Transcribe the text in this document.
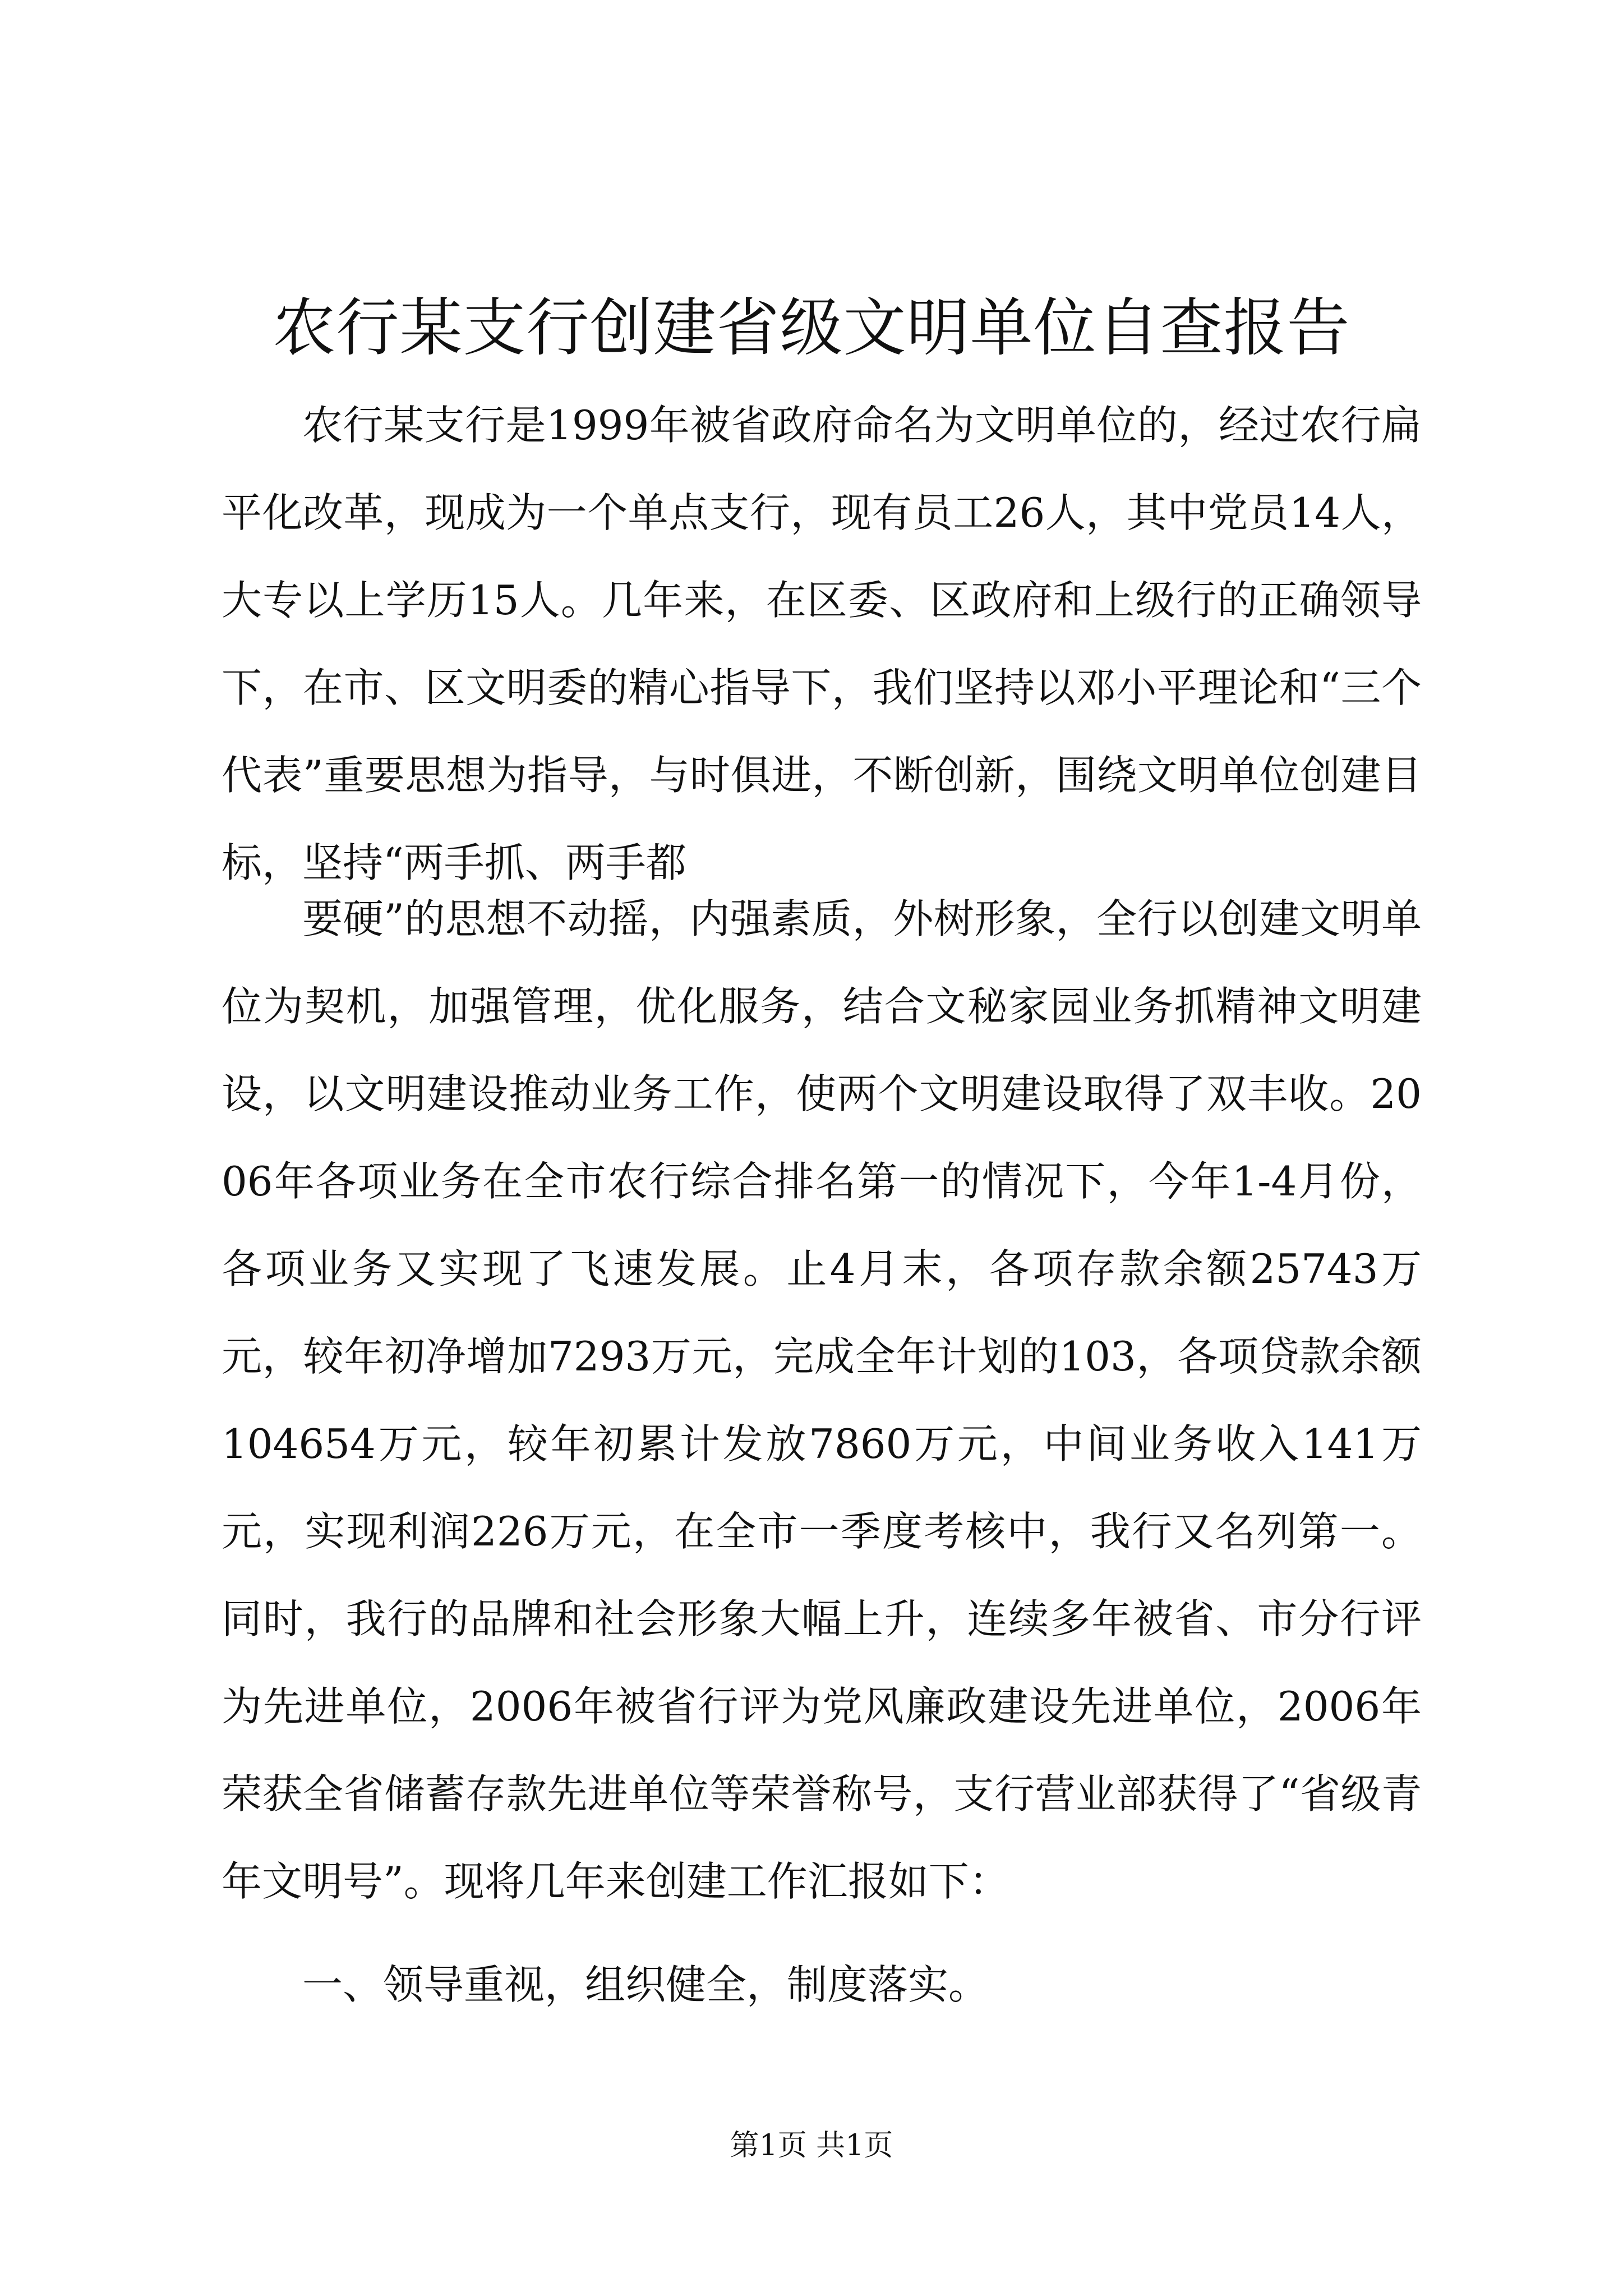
农行某支行创建省级文明单位自查报告

农行某支行是1999年被省政府命名为文明单位的，经过农行扁平化改革，现成为一个单点支行，现有员工26人，其中党员14人，大专以上学历15人。几年来，在区委、区政府和上级行的正确领导下，在市、区文明委的精心指导下，我们坚持以邓小平理论和“三个代表”重要思想为指导，与时俱进，不断创新，围绕文明单位创建目标，坚持“两手抓、两手都

要硬”的思想不动摇，内强素质，外树形象，全行以创建文明单位为契机，加强管理，优化服务，结合文秘家园业务抓精神文明建设，以文明建设推动业务工作，使两个文明建设取得了双丰收。2006年各项业务在全市农行综合排名第一的情况下，今年1-4月份，各项业务又实现了飞速发展。止4月末，各项存款余额25743万元，较年初净增加7293万元，完成全年计划的103，各项贷款余额104654万元，较年初累计发放7860万元，中间业务收入141万元，实现利润226万元，在全市一季度考核中，我行又名列第一。同时，我行的品牌和社会形象大幅上升，连续多年被省、市分行评为先进单位，2006年被省行评为党风廉政建设先进单位，2006年荣获全省储蓄存款先进单位等荣誉称号，支行营业部获得了“省级青年文明号”。现将几年来创建工作汇报如下：

一、领导重视，组织健全，制度落实。

第1页 共1页
